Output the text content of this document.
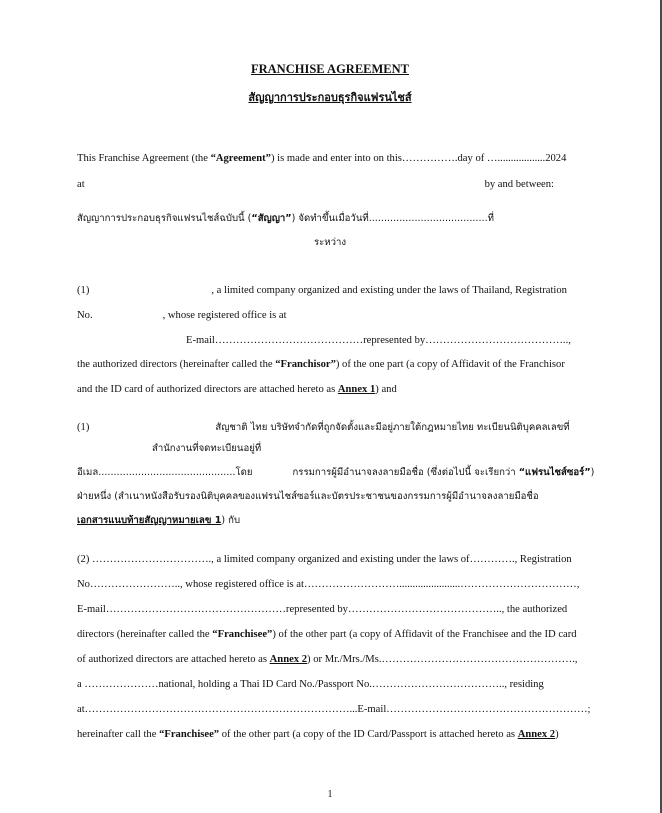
FRANCHISE AGREEMENT
สัญญาการประกอบธุรกิจแฟรนไชส์
This Franchise Agreement (the “Agreement”) is made and enter into on this…………….day of …..................2024
at	by and between:
สัญญาการประกอบธุรกิจแฟรนไชส์ฉบับนี้ (“สัญญา”) จัดทำขึ้นเมื่อวันที่.......................................ที่
ระหว่าง
(1)	, a limited company organized and existing under the laws of Thailand, Registration
No.	, whose registered office is at
E-mail……………………………………represented by…………………………………..,
the authorized directors (hereinafter called the “Franchisor”) of the one part (a copy of Affidavit of the Franchisor
and the ID card of authorized directors are attached hereto as Annex 1) and
(1)	สัญชาติ ไทย บริษัทจำกัดที่ถูกจัดตั้งและมีอยู่ภายใต้กฎหมายไทย ทะเบียนนิติบุคคลเลขที่
สำนักงานที่จดทะเบียนอยู่ที่
อีเมล.............................................โดย	กรรมการผู้มีอำนาจลงลายมือชื่อ (ซึ่งต่อไปนี้ จะเรียกว่า “แฟรนไชส์ซอร์”)
ฝ่ายหนึ่ง (สำเนาหนังสือรับรองนิติบุคคลของแฟรนไชส์ซอร์และบัตรประชาชนของกรรมการผู้มีอำนาจลงลายมือชื่อ
เอกสารแนบท้ายสัญญาหมายเลข 1) กับ
(2) ……………………………., a limited company organized and existing under the laws of…………., Registration
No…………………….., whose registered office is at……………………….......................……………………………,
E-mail……………………………………………represented by…………………………………….., the authorized
directors (hereinafter called the “Franchisee”) of the other part (a copy of Affidavit of the Franchisee and the ID card
of authorized directors are attached hereto as Annex 2) or Mr./Mrs./Ms.……………………………………………….,
a …………………national, holding a Thai ID Card No./Passport No.……………………………….., residing
at…………………………………………………………………...E-mail…………………………………………………;
hereinafter call the “Franchisee” of the other part (a copy of the ID Card/Passport is attached hereto as Annex 2)
1
